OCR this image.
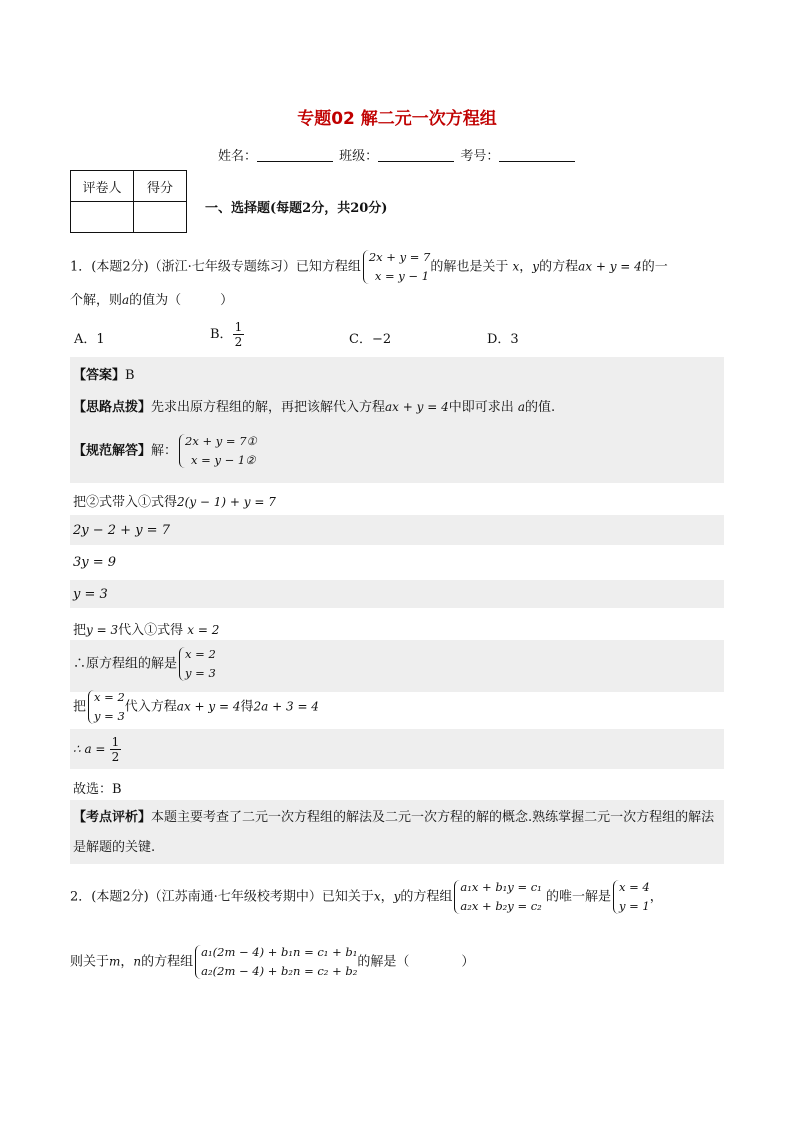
专题02 解二元一次方程组
姓名：	班级：	考号：
评卷人	得分

一、选择题(每题2分，共20分)
1．(本题2分)（浙江·七年级专题练习）已知方程组
2x + y = 7
x = y − 1
的解也是关于 x，y的方程ax + y = 4的一
个解，则a的值为（　　　）
A．1	B． $\frac{1}{2}$	C．−2	D．3
【答案】B
【思路点拨】先求出原方程组的解，再把该解代入方程ax + y = 4中即可求出 a的值.
【规范解答】解：
2x + y = 7①
x = y − 1②
把②式带入①式得2(y − 1) + y = 7
2y − 2 + y = 7
3y = 9
y = 3
把y = 3代入①式得 x = 2
∴原方程组的解是
x = 2
y = 3
把
x = 2
y = 3
代入方程ax + y = 4得2a + 3 = 4
∴ $a = \frac{1}{2}$
故选：B
【考点评析】本题主要考查了二元一次方程组的解法及二元一次方程的解的概念.熟练掌握二元一次方程组的解法是解题的关键.
2．(本题2分)（江苏南通·七年级校考期中）已知关于x，y的方程组
a₁x + b₁y = c₁
a₂x + b₂y = c₂
的唯一解是
x = 4
y = 1
，
则关于m，n的方程组
a₁(2m − 4) + b₁n = c₁ + b₁
a₂(2m − 4) + b₂n = c₂ + b₂
的解是（　　　　）
